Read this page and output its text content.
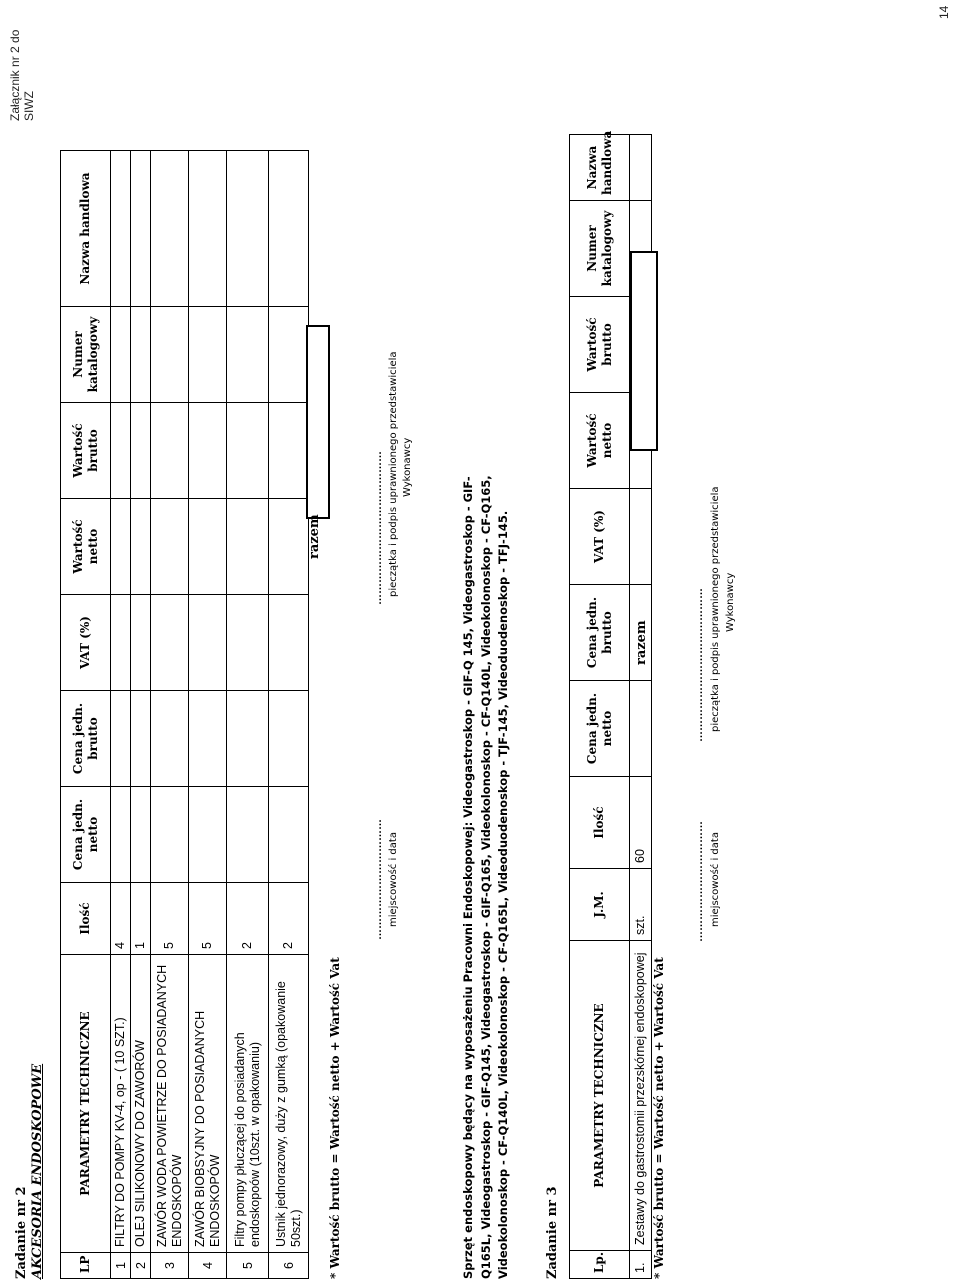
Załącznik nr 2 do SIWZ
14
Zadanie nr 2 AKCESORIA ENDOSKOPOWE	LP	PARAMETRY TECHNICZNE	Ilość	Cena jedn. netto	Cena jedn. brutto	VAT (%)	Wartość netto	Wartość brutto	Numer katalogowy	Nazwa handlowa
1	FILTRY DO POMPY KV-4, op - ( 10 SZT.)	4							
2	OLEJ SILIKONOWY DO ZAWORÓW	1							
3	ZAWÓR WODA POWIETRZE DO POSIADANYCH ENDOSKOPÓW	5							
4	ZAWÓR BIOBSYJNY DO POSIADANYCH ENDOSKOPÓW	5							
5	Filtry pompy płuczącej do posiadanych endoskopoów (10szt. w opakowaniu)	2							
6	Ustnik jednorazowy, duży z gumką (opakowanie 50szt.)	2							
razem
* Wartość brutto = Wartość netto + Wartość Vat
…………………………… miejscowość i data
…………………………………… pieczątka i podpis uprawnionego przedstawiciela Wykonawcy
Sprzęt endoskopowy będący na wyposażeniu Pracowni Endoskopowej: Videogastroskop - GIF-Q 145, Videogastroskop - GIF- Q165L, Videogastroskop - GIF-Q145, Videogastroskop - GIF-Q165, Videokolonoskop - CF-Q140L, Videokolonoskop - CF-Q165, Videokolonoskop - CF-Q140L, Videokolonoskop - CF-Q165L, Videoduodenoskop - TJF-145, Videoduodenoskop - TFJ-145.	Zadanie nr 3	Lp.	PARAMETRY TECHNICZNE	J.M.	Ilość	Cena jedn. netto	Cena jedn. brutto	VAT (%)	Wartość netto	Wartość brutto	Numer katalogowy	Nazwa handlowa
1.	Zestawy do gastrostomii przezskórnej endoskopowej	szt.	60							
razem
* Wartość brutto = Wartość netto + Wartość Vat
…………………………… miejscowość i data
…………………………………… pieczątka i podpis uprawnionego przedstawiciela Wykonawcy
